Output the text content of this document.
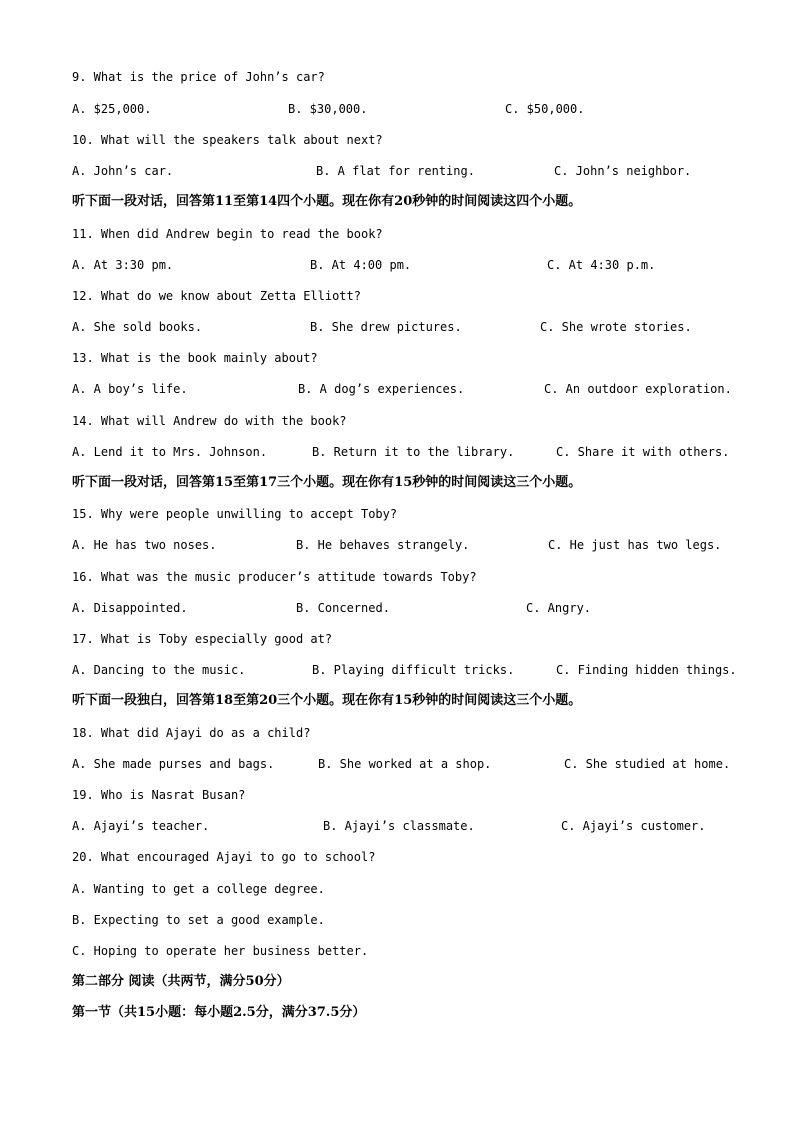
9. What is the price of John’s car?
A. $25,000.	B. $30,000.	C. $50,000.
10. What will the speakers talk about next?
A. John’s car.	B. A flat for renting.	C. John’s neighbor.
听下面一段对话，回答第11至第14四个小题。现在你有20秒钟的时间阅读这四个小题。
11. When did Andrew begin to read the book?
A. At 3:30 pm.	B. At 4:00 pm.	C. At 4:30 p.m.
12. What do we know about Zetta Elliott?
A. She sold books.	B. She drew pictures.	C. She wrote stories.
13. What is the book mainly about?
A. A boy’s life.	B. A dog’s experiences.	C. An outdoor exploration.
14. What will Andrew do with the book?
A. Lend it to Mrs. Johnson.	B. Return it to the library.	C. Share it with others.
听下面一段对话，回答第15至第17三个小题。现在你有15秒钟的时间阅读这三个小题。
15. Why were people unwilling to accept Toby?
A. He has two noses.	B. He behaves strangely.	C. He just has two legs.
16. What was the music producer’s attitude towards Toby?
A. Disappointed.	B. Concerned.	C. Angry.
17. What is Toby especially good at?
A. Dancing to the music.	B. Playing difficult tricks.	C. Finding hidden things.
听下面一段独白，回答第18至第20三个小题。现在你有15秒钟的时间阅读这三个小题。
18. What did Ajayi do as a child?
A. She made purses and bags.	B. She worked at a shop.	C. She studied at home.
19. Who is Nasrat Busan?
A. Ajayi’s teacher.	B. Ajayi’s classmate.	C. Ajayi’s customer.
20. What encouraged Ajayi to go to school?
A. Wanting to get a college degree.
B. Expecting to set a good example.
C. Hoping to operate her business better.
第二部分 阅读（共两节，满分50分）
第一节（共15小题：每小题2.5分，满分37.5分）
